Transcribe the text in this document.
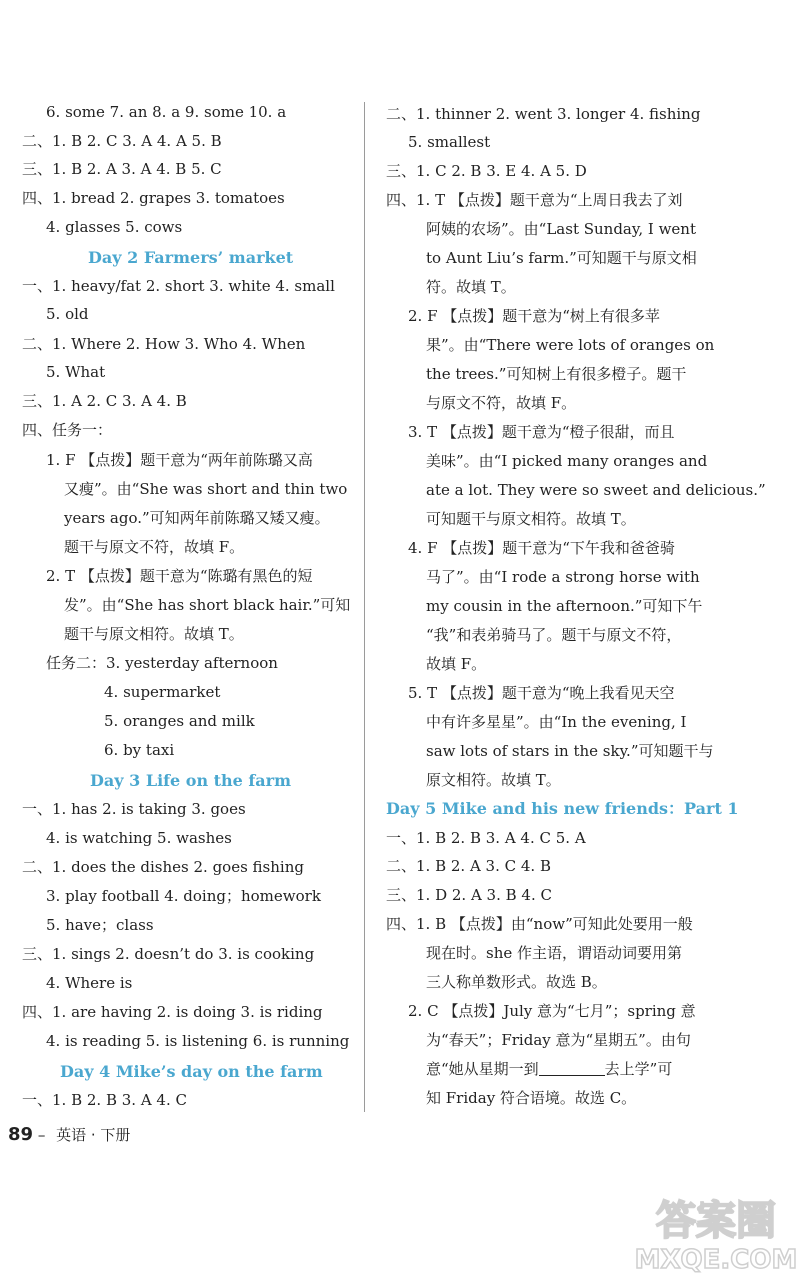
6. some 7. an 8. a 9. some 10. a
二、1. B 2. C 3. A 4. A 5. B
三、1. B 2. A 3. A 4. B 5. C
四、1. bread 2. grapes 3. tomatoes
4. glasses 5. cows
Day 2 Farmers’ market
一、1. heavy/fat 2. short 3. white 4. small
5. old
二、1. Where 2. How 3. Who 4. When
5. What
三、1. A 2. C 3. A 4. B
四、任务一：
1. F 【点拨】题干意为“两年前陈璐又高
又瘦”。由“She was short and thin two
years ago.”可知两年前陈璐又矮又瘦。
题干与原文不符，故填 F。
2. T 【点拨】题干意为“陈璐有黑色的短
发”。由“She has short black hair.”可知
题干与原文相符。故填 T。
任务二：3. yesterday afternoon
4. supermarket
5. oranges and milk
6. by taxi
Day 3 Life on the farm
一、1. has 2. is taking 3. goes
4. is watching 5. washes
二、1. does the dishes 2. goes fishing
3. play football 4. doing；homework
5. have；class
三、1. sings 2. doesn’t do 3. is cooking
4. Where is
四、1. are having 2. is doing 3. is riding
4. is reading 5. is listening 6. is running
Day 4 Mike’s day on the farm
一、1. B 2. B 3. A 4. C
二、1. thinner 2. went 3. longer 4. fishing
5. smallest
三、1. C 2. B 3. E 4. A 5. D
四、1. T 【点拨】题干意为“上周日我去了刘
阿姨的农场”。由“Last Sunday, I went
to Aunt Liu’s farm.”可知题干与原文相
符。故填 T。
2. F 【点拨】题干意为“树上有很多苹
果”。由“There were lots of oranges on
the trees.”可知树上有很多橙子。题干
与原文不符，故填 F。
3. T 【点拨】题干意为“橙子很甜，而且
美味”。由“I picked many oranges and
ate a lot. They were so sweet and delicious.”
可知题干与原文相符。故填 T。
4. F 【点拨】题干意为“下午我和爸爸骑
马了”。由“I rode a strong horse with
my cousin in the afternoon.”可知下午
“我”和表弟骑马了。题干与原文不符，
故填 F。
5. T 【点拨】题干意为“晚上我看见天空
中有许多星星”。由“In the evening, I
saw lots of stars in the sky.”可知题干与
原文相符。故填 T。
Day 5 Mike and his new friends：Part 1
一、1. B 2. B 3. A 4. C 5. A
二、1. B 2. A 3. C 4. B
三、1. D 2. A 3. B 4. C
四、1. B 【点拨】由“now”可知此处要用一般
现在时。she 作主语，谓语动词要用第
三人称单数形式。故选 B。
2. C 【点拨】July 意为“七月”；spring 意
为“春天”；Friday 意为“星期五”。由句
意“她从星期一到	去上学”可
知 Friday 符合语境。故选 C。
89 – 英语 · 下册
答案圈
MXQE.COM
